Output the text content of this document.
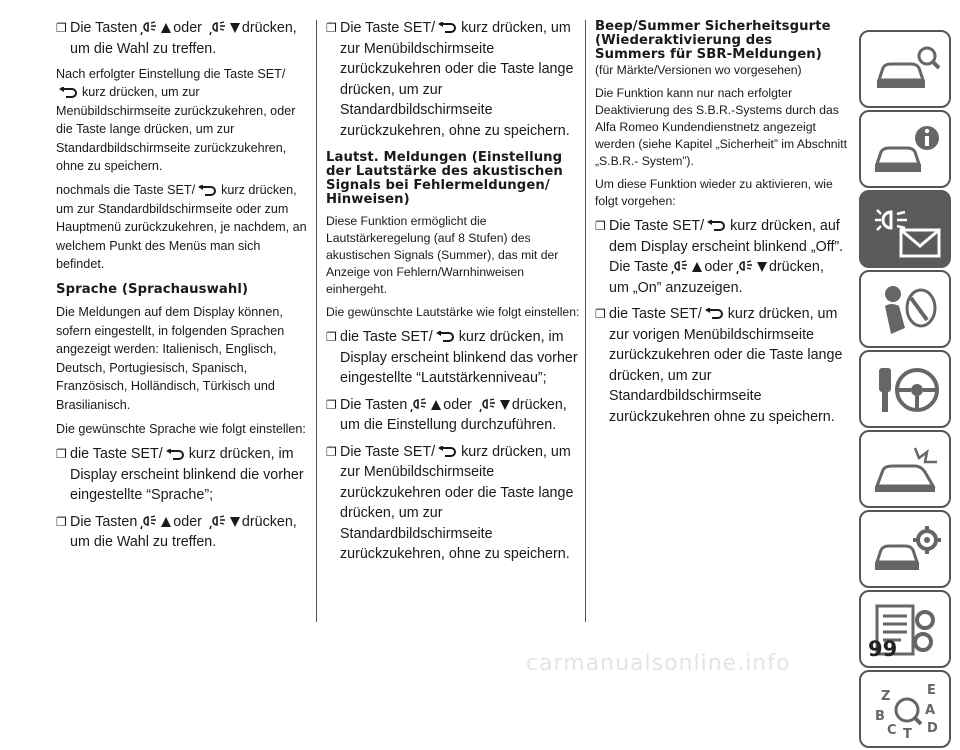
❐ Die Tasten	oder	drücken, um die Wahl zu treffen.

Nach erfolgter Einstellung die Taste SET/kurz drücken, um zur Menübildschirmseite zurückzukehren, oder die Taste lange drücken, um zur Standardbildschirmseite zurückzukehren, ohne zu speichern.

nochmals die Taste SET/ kurz drücken, um zur Standardbildschirmseite oder zum Hauptmenü zurückzukehren, je nachdem, an welchem Punkt des Menüs man sich befindet.

Sprache (Sprachauswahl)

Die Meldungen auf dem Display können, sofern eingestellt, in folgenden Sprachen angezeigt werden: Italienisch, Englisch, Deutsch, Portugiesisch, Spanisch, Französisch, Holländisch, Türkisch und Brasilianisch.

Die gewünschte Sprache wie folgt einstellen:

❐ die Taste SET/ kurz drücken, im Display erscheint blinkend die vorher eingestellte “Sprache”;
❐ Die Tasten	oder	drücken, um die Wahl zu treffen.
❐ Die Taste SET/ kurz drücken, um zur Menübildschirmseite zurückzukehren oder die Taste lange drücken, um zur Standardbildschirmseite zurückzukehren, ohne zu speichern.
Lautst. Meldungen (Einstellung der Lautstärke des akustischen Signals bei Fehlermeldungen/ Hinweisen)

Diese Funktion ermöglicht die Lautstärkeregelung (auf 8 Stufen) des akustischen Signals (Summer), das mit der Anzeige von Fehlern/Warnhinweisen einhergeht.

Die gewünschte Lautstärke wie folgt einstellen:

❐ die Taste SET/ kurz drücken, im Display erscheint blinkend das vorher eingestellte “Lautstärkenniveau”;
❐ Die Tasten	oder	drücken, um die Einstellung durchzuführen.
❐ Die Taste SET/ kurz drücken, um zur Menübildschirmseite zurückzukehren oder die Taste lange drücken, um zur Standardbildschirmseite zurückzukehren, ohne zu speichern.
Beep/Summer Sicherheitsgurte (Wiederaktivierung des Summers für SBR-Meldungen)

(für Märkte/Versionen wo vorgesehen)

Die Funktion kann nur nach erfolgter Deaktivierung des S.B.R.-Systems durch das Alfa Romeo Kundendienstnetz angezeigt werden (siehe Kapitel „Sicherheit” im Abschnitt „S.B.R.- System”).

Um diese Funktion wieder zu aktivieren, wie folgt vorgehen:

❐ Die Taste SET/ kurz drücken, auf dem Display erscheint blinkend „Off”. Die Taste	oder	drücken, um „On” anzuzeigen.
❐ die Taste SET/ kurz drücken, um zur vorigen Menübildschirmseite zurückzukehren oder die Taste lange drücken, um zur Standardbildschirmseite zurückzukehren ohne zu speichern.
Z	E
A
B
C T D
99
carmanualsonline.info
